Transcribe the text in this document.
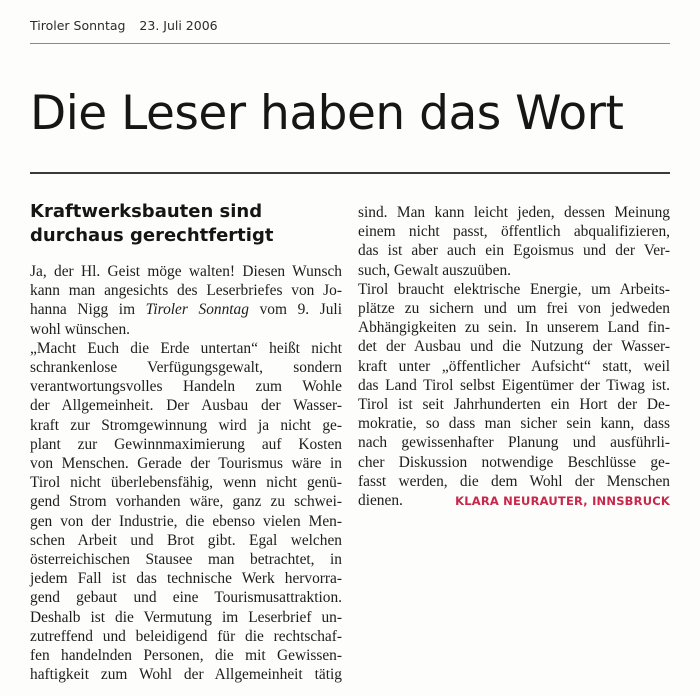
Tiroler Sonntag 23. Juli 2006
Die Leser haben das Wort
Kraftwerksbauten sind durchaus gerechtfertigt
Ja, der Hl. Geist möge walten! Diesen Wunsch
kann man angesichts des Leserbriefes von Jo-
hanna Nigg im Tiroler Sonntag vom 9. Juli
wohl wünschen.
„Macht Euch die Erde untertan“ heißt nicht
schrankenlose Verfügungsgewalt, sondern
verantwortungsvolles Handeln zum Wohle
der Allgemeinheit. Der Ausbau der Wasser-
kraft zur Stromgewinnung wird ja nicht ge-
plant zur Gewinnmaximierung auf Kosten
von Menschen. Gerade der Tourismus wäre in
Tirol nicht überlebensfähig, wenn nicht genü-
gend Strom vorhanden wäre, ganz zu schwei-
gen von der Industrie, die ebenso vielen Men-
schen Arbeit und Brot gibt. Egal welchen
österreichischen Stausee man betrachtet, in
jedem Fall ist das technische Werk hervorra-
gend gebaut und eine Tourismusattraktion.
Deshalb ist die Vermutung im Leserbrief un-
zutreffend und beleidigend für die rechtschaf-
fen handelnden Personen, die mit Gewissen-
haftigkeit zum Wohl der Allgemeinheit tätig
sind. Man kann leicht jeden, dessen Meinung
einem nicht passt, öffentlich abqualifizieren,
das ist aber auch ein Egoismus und der Ver-
such, Gewalt auszuüben.
Tirol braucht elektrische Energie, um Arbeits-
plätze zu sichern und um frei von jedweden
Abhängigkeiten zu sein. In unserem Land fin-
det der Ausbau und die Nutzung der Wasser-
kraft unter „öffentlicher Aufsicht“ statt, weil
das Land Tirol selbst Eigentümer der Tiwag ist.
Tirol ist seit Jahrhunderten ein Hort der De-
mokratie, so dass man sicher sein kann, dass
nach gewissenhafter Planung und ausführli-
cher Diskussion notwendige Beschlüsse ge-
fasst werden, die dem Wohl der Menschen
dienen.	KLARA NEURAUTER, INNSBRUCK
